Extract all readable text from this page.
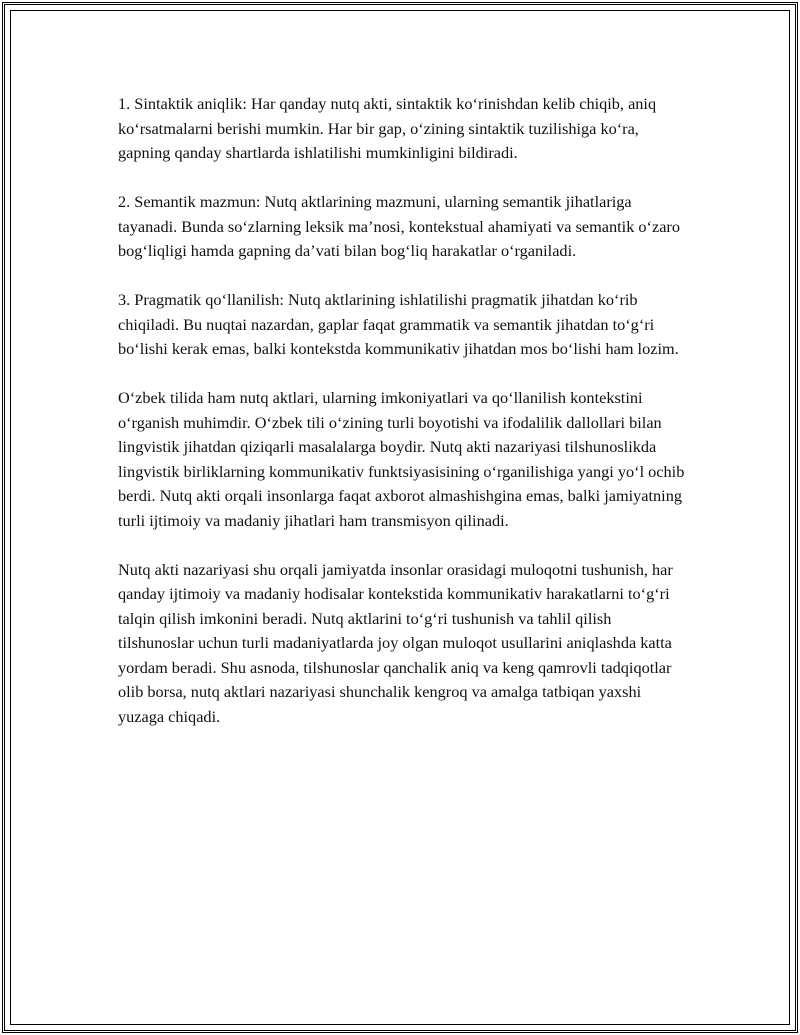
1. Sintaktik aniqlik: Har qanday nutq akti, sintaktik koʻrinishdan kelib chiqib, aniq koʻrsatmalarni berishi mumkin. Har bir gap, oʻzining sintaktik tuzilishiga koʻra, gapning qanday shartlarda ishlatilishi mumkinligini bildiradi.

2. Semantik mazmun: Nutq aktlarining mazmuni, ularning semantik jihatlariga tayanadi. Bunda soʻzlarning leksik maʼnosi, kontekstual ahamiyati va semantik oʻzaro bogʻliqligi hamda gapning daʼvati bilan bogʻliq harakatlar oʻrganiladi.

3. Pragmatik qoʻllanilish: Nutq aktlarining ishlatilishi pragmatik jihatdan koʻrib chiqiladi. Bu nuqtai nazardan, gaplar faqat grammatik va semantik jihatdan toʻgʻri boʻlishi kerak emas, balki kontekstda kommunikativ jihatdan mos boʻlishi ham lozim.

Oʻzbek tilida ham nutq aktlari, ularning imkoniyatlari va qoʻllanilish kontekstini oʻrganish muhimdir. Oʻzbek tili oʻzining turli boyotishi va ifodalilik dallollari bilan lingvistik jihatdan qiziqarli masalalarga boydir. Nutq akti nazariyasi tilshunoslikda lingvistik birliklarning kommunikativ funktsiyasisining oʻrganilishiga yangi yoʻl ochib berdi. Nutq akti orqali insonlarga faqat axborot almashishgina emas, balki jamiyatning turli ijtimoiy va madaniy jihatlari ham transmisyon qilinadi.

Nutq akti nazariyasi shu orqali jamiyatda insonlar orasidagi muloqotni tushunish, har qanday ijtimoiy va madaniy hodisalar kontekstida kommunikativ harakatlarni toʻgʻri talqin qilish imkonini beradi. Nutq aktlarini toʻgʻri tushunish va tahlil qilish tilshunoslar uchun turli madaniyatlarda joy olgan muloqot usullarini aniqlashda katta yordam beradi. Shu asnoda, tilshunoslar qanchalik aniq va keng qamrovli tadqiqotlar olib borsa, nutq aktlari nazariyasi shunchalik kengroq va amalga tatbiqan yaxshi yuzaga chiqadi.
